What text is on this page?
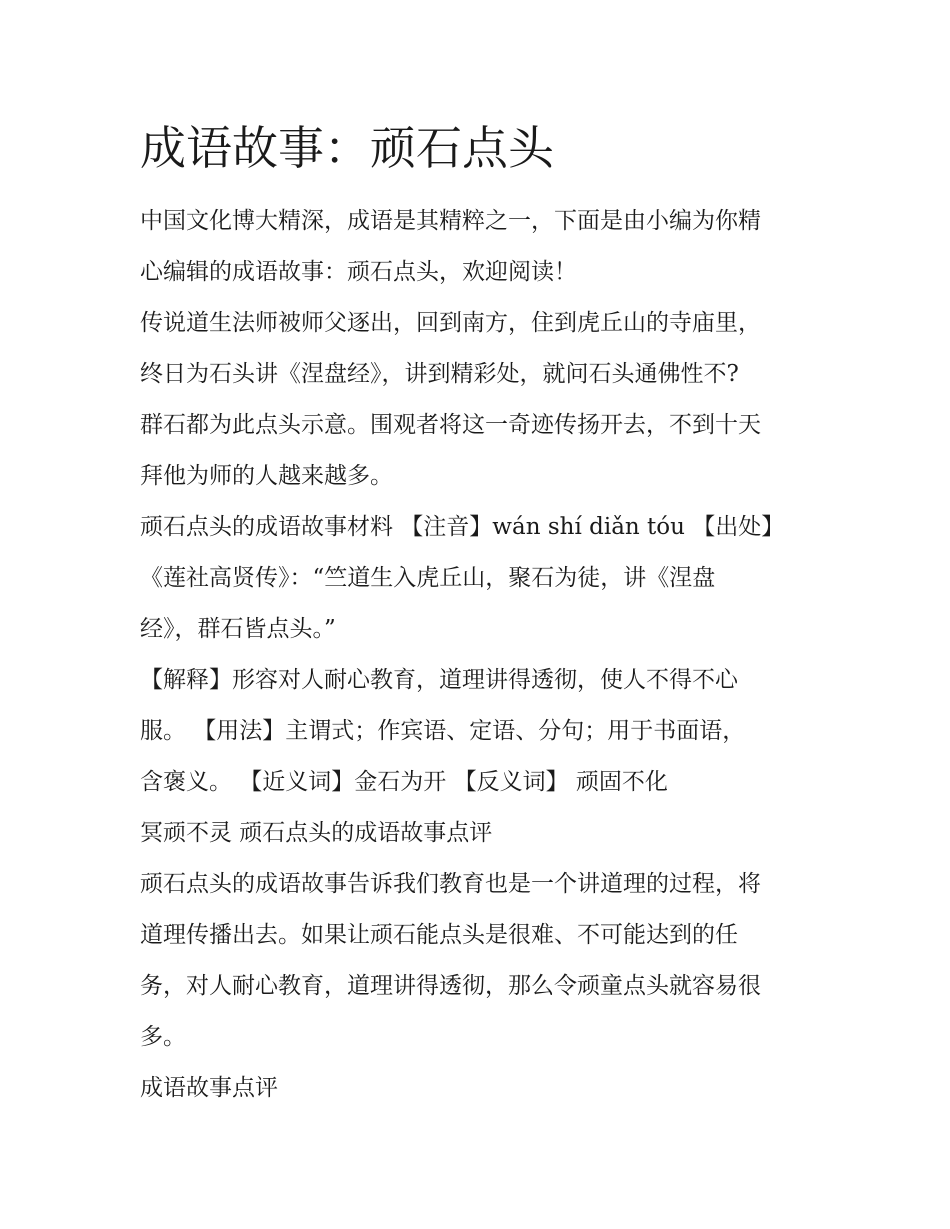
成语故事：顽石点头

中国文化博大精深，成语是其精粹之一，下面是由小编为你精

心编辑的成语故事：顽石点头，欢迎阅读！

传说道生法师被师父逐出，回到南方，住到虎丘山的寺庙里，

终日为石头讲《涅盘经》，讲到精彩处，就问石头通佛性不?

群石都为此点头示意。围观者将这一奇迹传扬开去，不到十天

拜他为师的人越来越多。

顽石点头的成语故事材料 【注音】wán shí diǎn tóu 【出处】

《莲社高贤传》：“竺道生入虎丘山，聚石为徒，讲《涅盘

经》，群石皆点头。”

【解释】形容对人耐心教育，道理讲得透彻，使人不得不心

服。 【用法】主谓式；作宾语、定语、分句；用于书面语，

含褒义。 【近义词】金石为开 【反义词】 顽固不化

冥顽不灵 顽石点头的成语故事点评

顽石点头的成语故事告诉我们教育也是一个讲道理的过程，将

道理传播出去。如果让顽石能点头是很难、不可能达到的任

务，对人耐心教育，道理讲得透彻，那么令顽童点头就容易很

多。

成语故事点评
